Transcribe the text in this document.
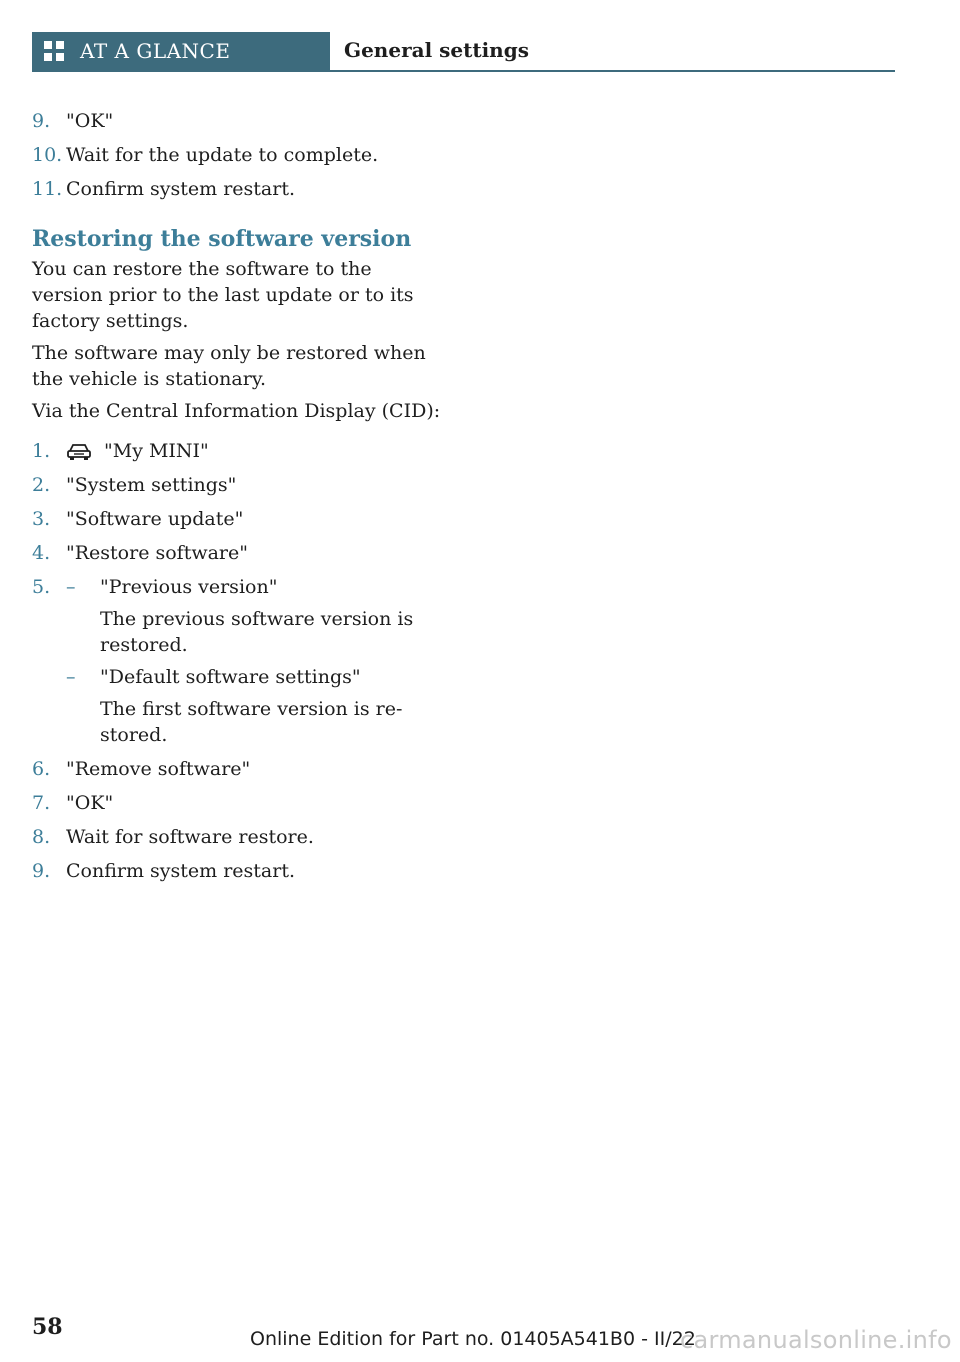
AT A GLANCE	General settings
9. "OK"
10. Wait for the update to complete.
11. Confirm system restart.
Restoring the software version

You can restore the software to the version prior to the last update or to its factory settings.

The software may only be restored when the vehicle is stationary.

Via the Central Information Display (CID):

1.	"My MINI"
2. "System settings"
3. "Software update"
4. "Restore software"
5. – "Previous version"
The previous software version is restored.
– "Default software settings"
The first software version is restored.
6. "Remove software"
7. "OK"
8. Wait for software restore.
9. Confirm system restart.
58	Online Edition for Part no. 01405A541B0 - II/22
carmanualsonline.info
